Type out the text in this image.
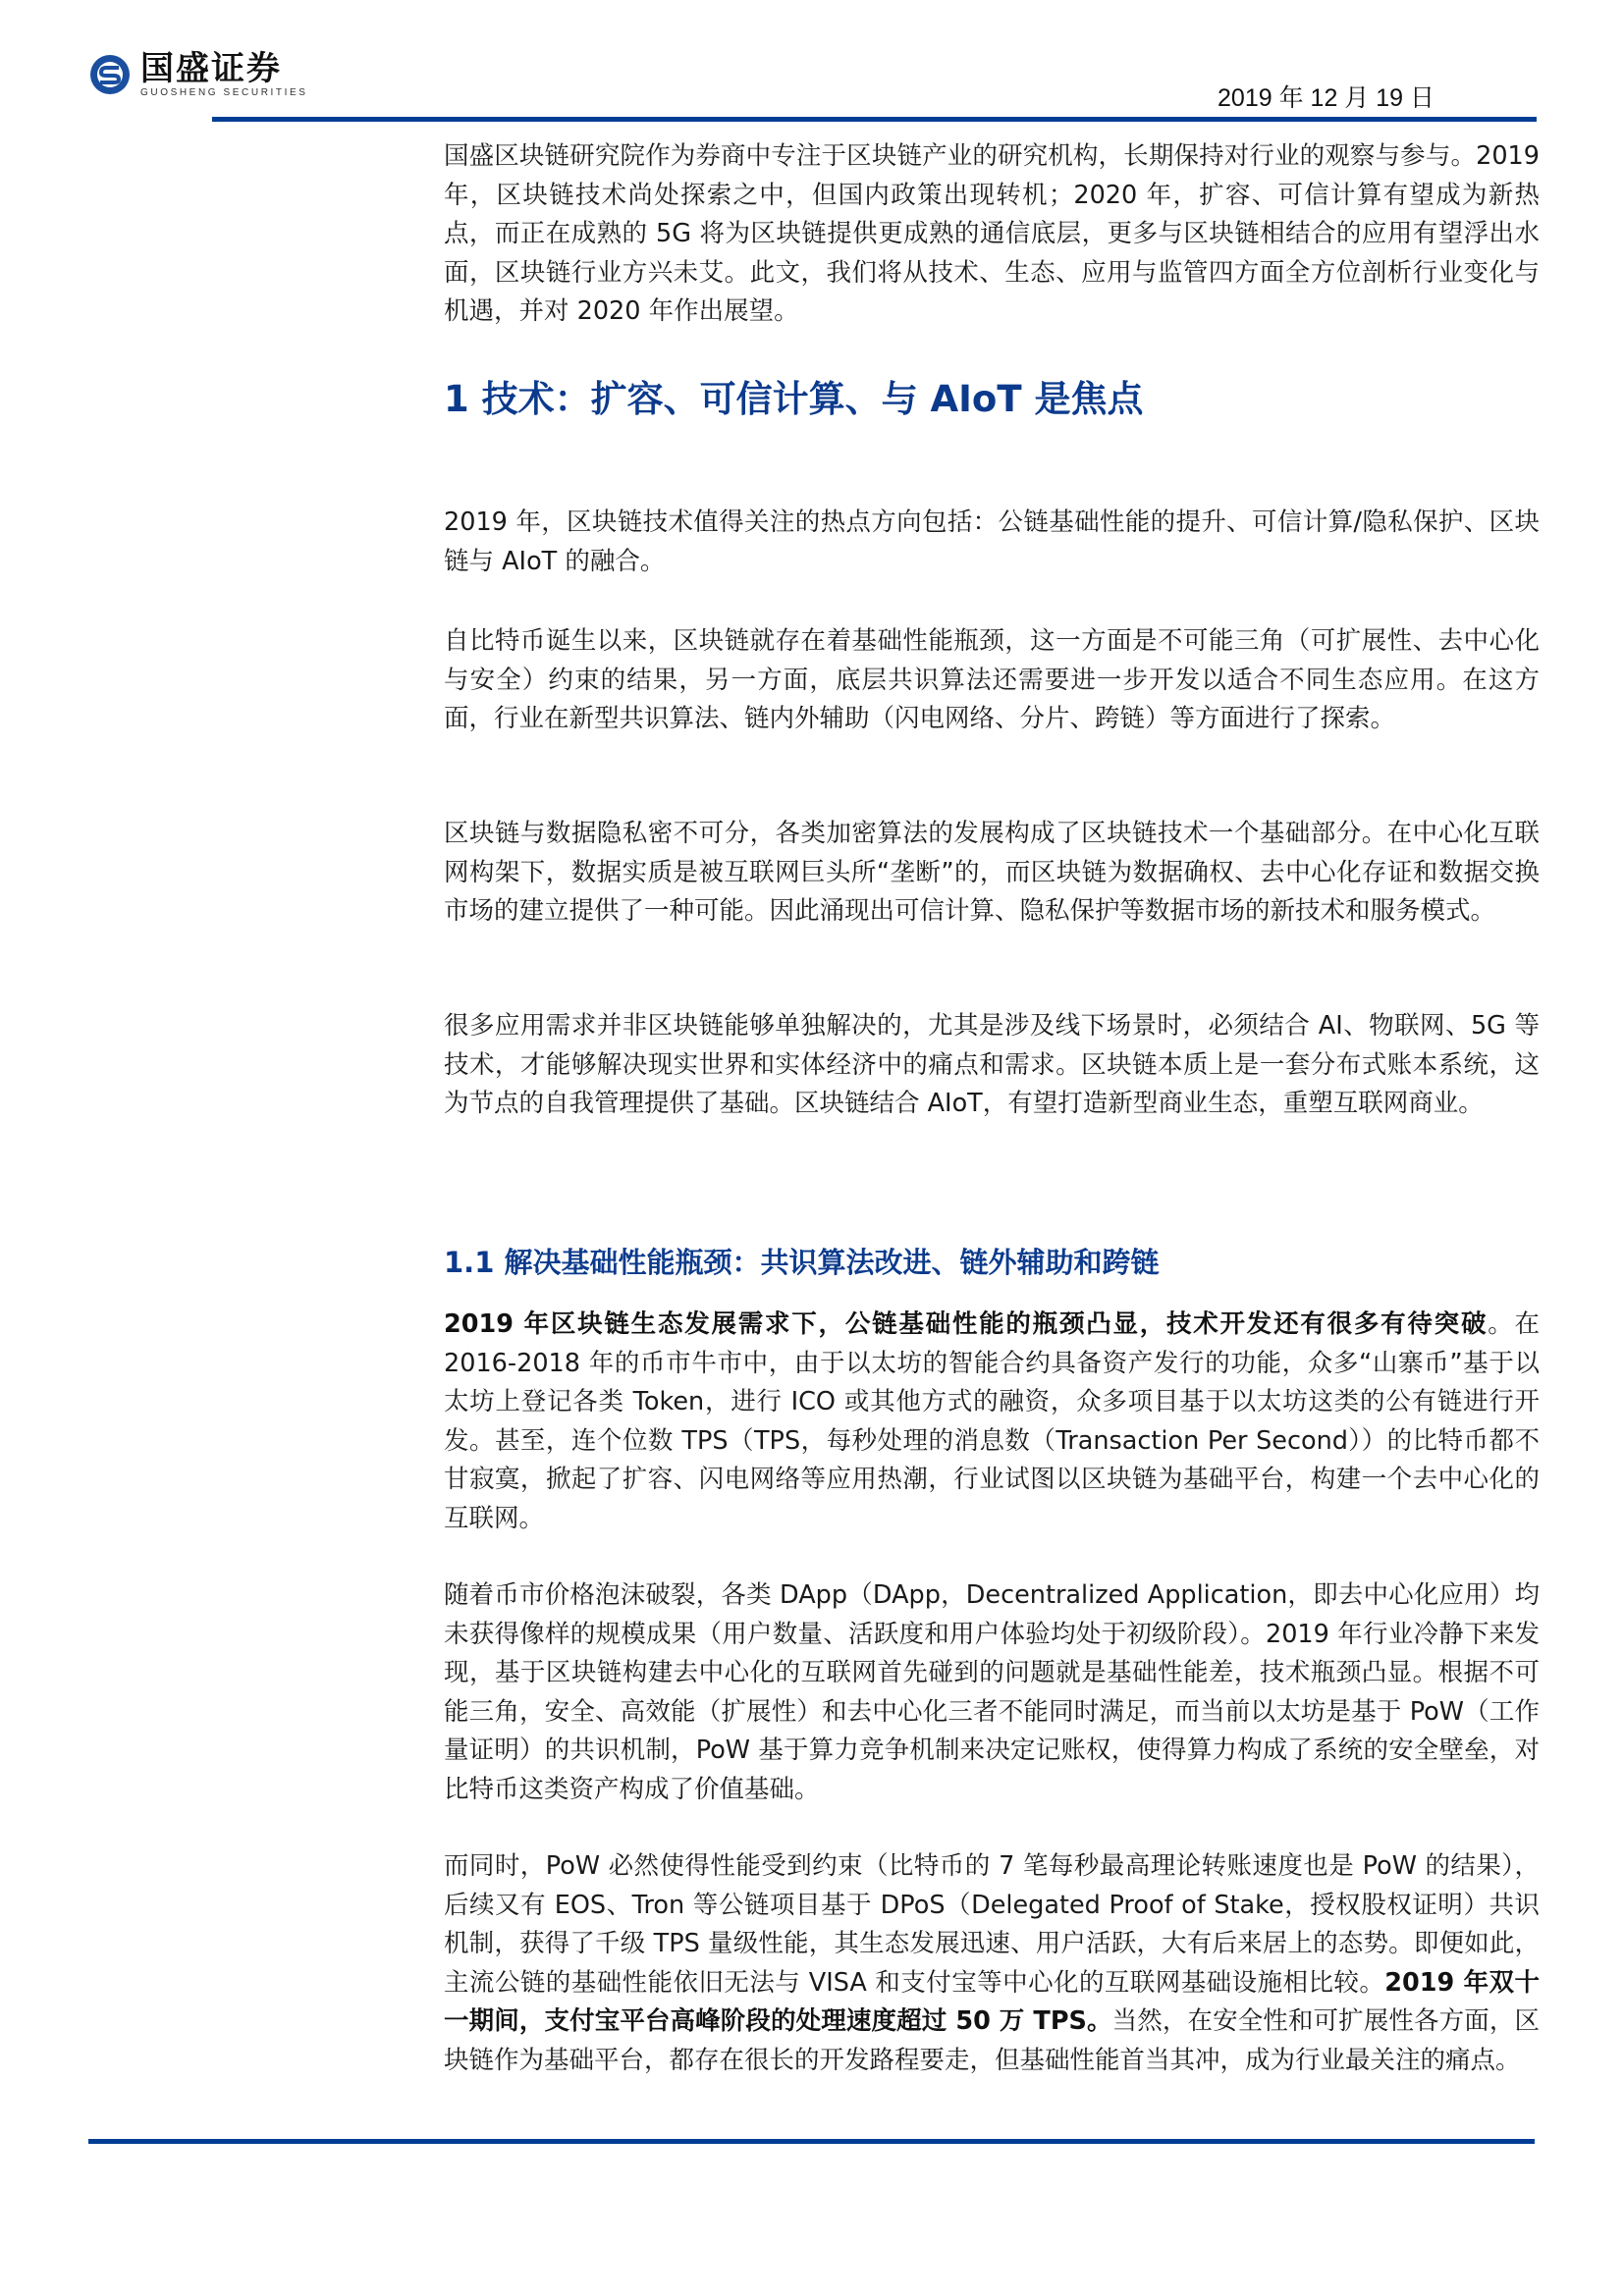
国盛证券
GUOSHENG SECURITIES	2019 年 12 月 19 日

国盛区块链研究院作为券商中专注于区块链产业的研究机构，长期保持对行业的观察与参与。2019 年，区块链技术尚处探索之中，但国内政策出现转机；2020 年，扩容、可信计算有望成为新热点，而正在成熟的 5G 将为区块链提供更成熟的通信底层，更多与区块链相结合的应用有望浮出水面，区块链行业方兴未艾。此文，我们将从技术、生态、应用与监管四方面全方位剖析行业变化与机遇，并对 2020 年作出展望。

1 技术：扩容、可信计算、与 AIoT 是焦点

2019 年，区块链技术值得关注的热点方向包括：公链基础性能的提升、可信计算/隐私保护、区块链与 AIoT 的融合。

自比特币诞生以来，区块链就存在着基础性能瓶颈，这一方面是不可能三角（可扩展性、去中心化与安全）约束的结果，另一方面，底层共识算法还需要进一步开发以适合不同生态应用。在这方面，行业在新型共识算法、链内外辅助（闪电网络、分片、跨链）等方面进行了探索。

区块链与数据隐私密不可分，各类加密算法的发展构成了区块链技术一个基础部分。在中心化互联网构架下，数据实质是被互联网巨头所“垄断”的，而区块链为数据确权、去中心化存证和数据交换市场的建立提供了一种可能。因此涌现出可信计算、隐私保护等数据市场的新技术和服务模式。

很多应用需求并非区块链能够单独解决的，尤其是涉及线下场景时，必须结合 AI、物联网、5G 等技术，才能够解决现实世界和实体经济中的痛点和需求。区块链本质上是一套分布式账本系统，这为节点的自我管理提供了基础。区块链结合 AIoT，有望打造新型商业生态，重塑互联网商业。

1.1 解决基础性能瓶颈：共识算法改进、链外辅助和跨链

2019 年区块链生态发展需求下，公链基础性能的瓶颈凸显，技术开发还有很多有待突破。在 2016-2018 年的币市牛市中，由于以太坊的智能合约具备资产发行的功能，众多“山寨币”基于以太坊上登记各类 Token，进行 ICO 或其他方式的融资，众多项目基于以太坊这类的公有链进行开发。甚至，连个位数 TPS（TPS，每秒处理的消息数（Transaction Per Second））的比特币都不甘寂寞，掀起了扩容、闪电网络等应用热潮，行业试图以区块链为基础平台，构建一个去中心化的互联网。

随着币市价格泡沫破裂，各类 DApp（DApp，Decentralized Application，即去中心化应用）均未获得像样的规模成果（用户数量、活跃度和用户体验均处于初级阶段）。2019 年行业冷静下来发现，基于区块链构建去中心化的互联网首先碰到的问题就是基础性能差，技术瓶颈凸显。根据不可能三角，安全、高效能（扩展性）和去中心化三者不能同时满足，而当前以太坊是基于 PoW（工作量证明）的共识机制，PoW 基于算力竞争机制来决定记账权，使得算力构成了系统的安全壁垒，对比特币这类资产构成了价值基础。

而同时，PoW 必然使得性能受到约束（比特币的 7 笔每秒最高理论转账速度也是 PoW 的结果），后续又有 EOS、Tron 等公链项目基于 DPoS（Delegated Proof of Stake，授权股权证明）共识机制，获得了千级 TPS 量级性能，其生态发展迅速、用户活跃，大有后来居上的态势。即便如此，主流公链的基础性能依旧无法与 VISA 和支付宝等中心化的互联网基础设施相比较。2019 年双十一期间，支付宝平台高峰阶段的处理速度超过 50 万 TPS。当然，在安全性和可扩展性各方面，区块链作为基础平台，都存在很长的开发路程要走，但基础性能首当其冲，成为行业最关注的痛点。
